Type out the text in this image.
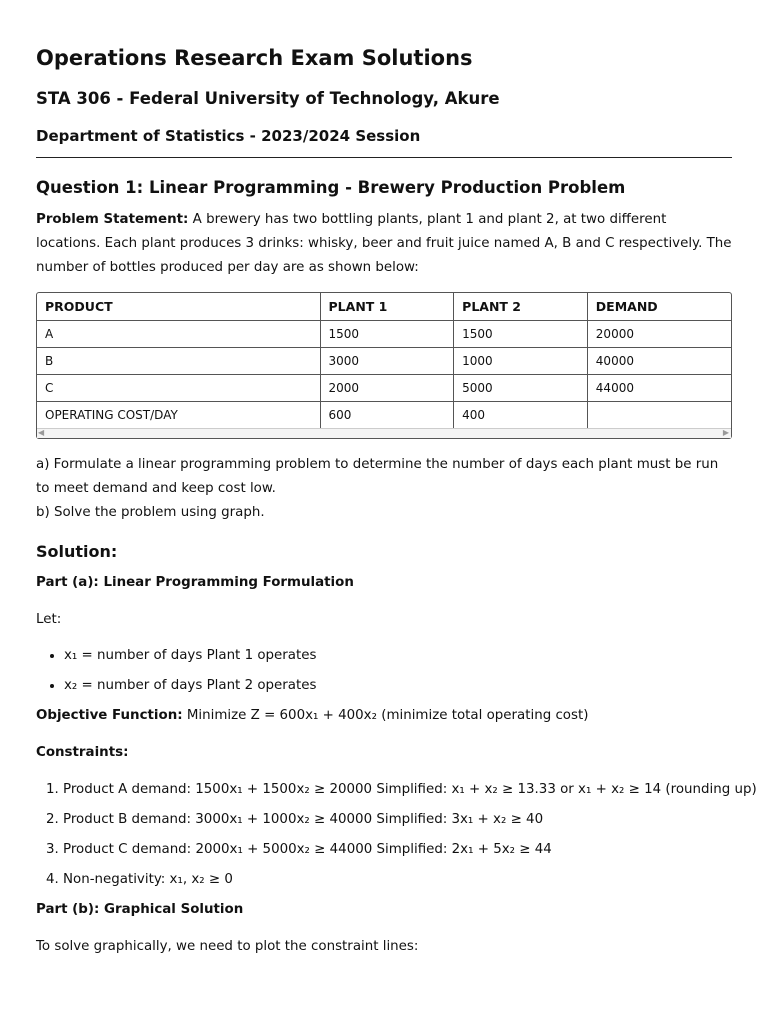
Operations Research Exam Solutions
STA 306 - Federal University of Technology, Akure
Department of Statistics - 2023/2024 Session
Question 1: Linear Programming - Brewery Production Problem

Problem Statement: A brewery has two bottling plants, plant 1 and plant 2, at two different locations. Each plant produces 3 drinks: whisky, beer and fruit juice named A, B and C respectively. The number of bottles produced per day are as shown below:

PRODUCT	PLANT 1	PLANT 2	DEMAND
A	1500	1500	20000
B	3000	1000	40000
C	2000	5000	44000
OPERATING COST/DAY	600	400	
◀	▶

a) Formulate a linear programming problem to determine the number of days each plant must be run to meet demand and keep cost low.
b) Solve the problem using graph.

Solution:
Part (a): Linear Programming Formulation

Let:

• x₁ = number of days Plant 1 operates
• x₂ = number of days Plant 2 operates

Objective Function: Minimize Z = 600x₁ + 400x₂ (minimize total operating cost)

Constraints:
1. Product A demand: 1500x₁ + 1500x₂ ≥ 20000 Simplified: x₁ + x₂ ≥ 13.33 or x₁ + x₂ ≥ 14 (rounding up)
2. Product B demand: 3000x₁ + 1000x₂ ≥ 40000 Simplified: 3x₁ + x₂ ≥ 40
3. Product C demand: 2000x₁ + 5000x₂ ≥ 44000 Simplified: 2x₁ + 5x₂ ≥ 44
4. Non-negativity: x₁, x₂ ≥ 0
Part (b): Graphical Solution

To solve graphically, we need to plot the constraint lines:
